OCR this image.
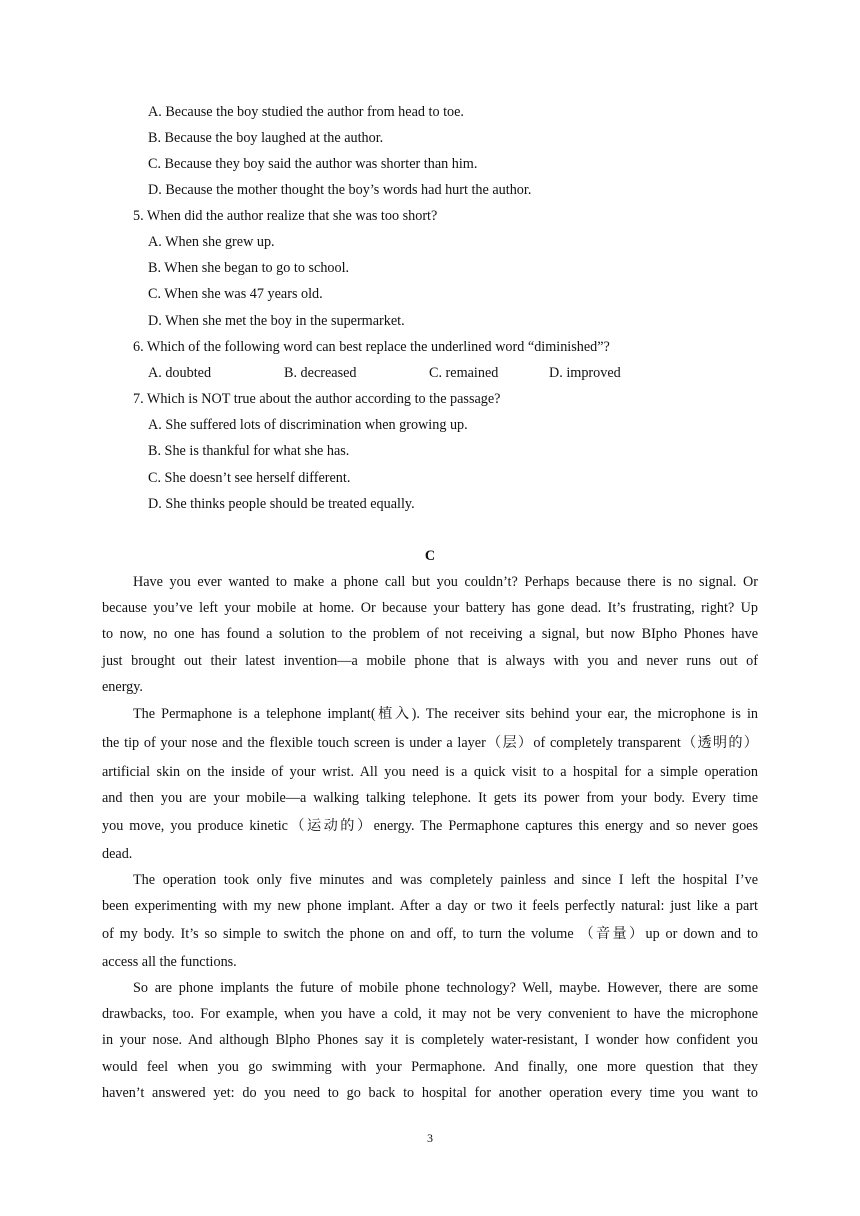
A. Because the boy studied the author from head to toe.
B. Because the boy laughed at the author.
C. Because they boy said the author was shorter than him.
D. Because the mother thought the boy’s words had hurt the author.
5. When did the author realize that she was too short?
A. When she grew up.
B. When she began to go to school.
C. When she was 47 years old.
D. When she met the boy in the supermarket.
6. Which of the following word can best replace the underlined word “diminished”?
A. doubted	B. decreased	C. remained	D. improved
7. Which is NOT true about the author according to the passage?
A. She suffered lots of discrimination when growing up.
B. She is thankful for what she has.
C. She doesn’t see herself different.
D. She thinks people should be treated equally.
C
Have you ever wanted to make a phone call but you couldn’t? Perhaps because there is no signal. Or
because you’ve left your mobile at home. Or because your battery has gone dead. It’s frustrating, right? Up
to now, no one has found a solution to the problem of not receiving a signal, but now BIpho Phones have
just brought out their latest invention—a mobile phone that is always with you and never runs out of
energy.
The Permaphone is a telephone implant(植入). The receiver sits behind your ear, the microphone is in
the tip of your nose and the flexible touch screen is under a layer（层）of completely transparent（透明的）
artificial skin on the inside of your wrist. All you need is a quick visit to a hospital for a simple operation
and then you are your mobile—a walking talking telephone. It gets its power from your body. Every time
you move, you produce kinetic（运动的）energy. The Permaphone captures this energy and so never goes
dead.
The operation took only five minutes and was completely painless and since I left the hospital I’ve
been experimenting with my new phone implant. After a day or two it feels perfectly natural: just like a part
of my body. It’s so simple to switch the phone on and off, to turn the volume （音量）up or down and to
access all the functions.
So are phone implants the future of mobile phone technology? Well, maybe. However, there are some
drawbacks, too. For example, when you have a cold, it may not be very convenient to have the microphone
in your nose. And although Blpho Phones say it is completely water-resistant, I wonder how confident you
would feel when you go swimming with your Permaphone. And finally, one more question that they
haven’t answered yet: do you need to go back to hospital for another operation every time you want to
3
